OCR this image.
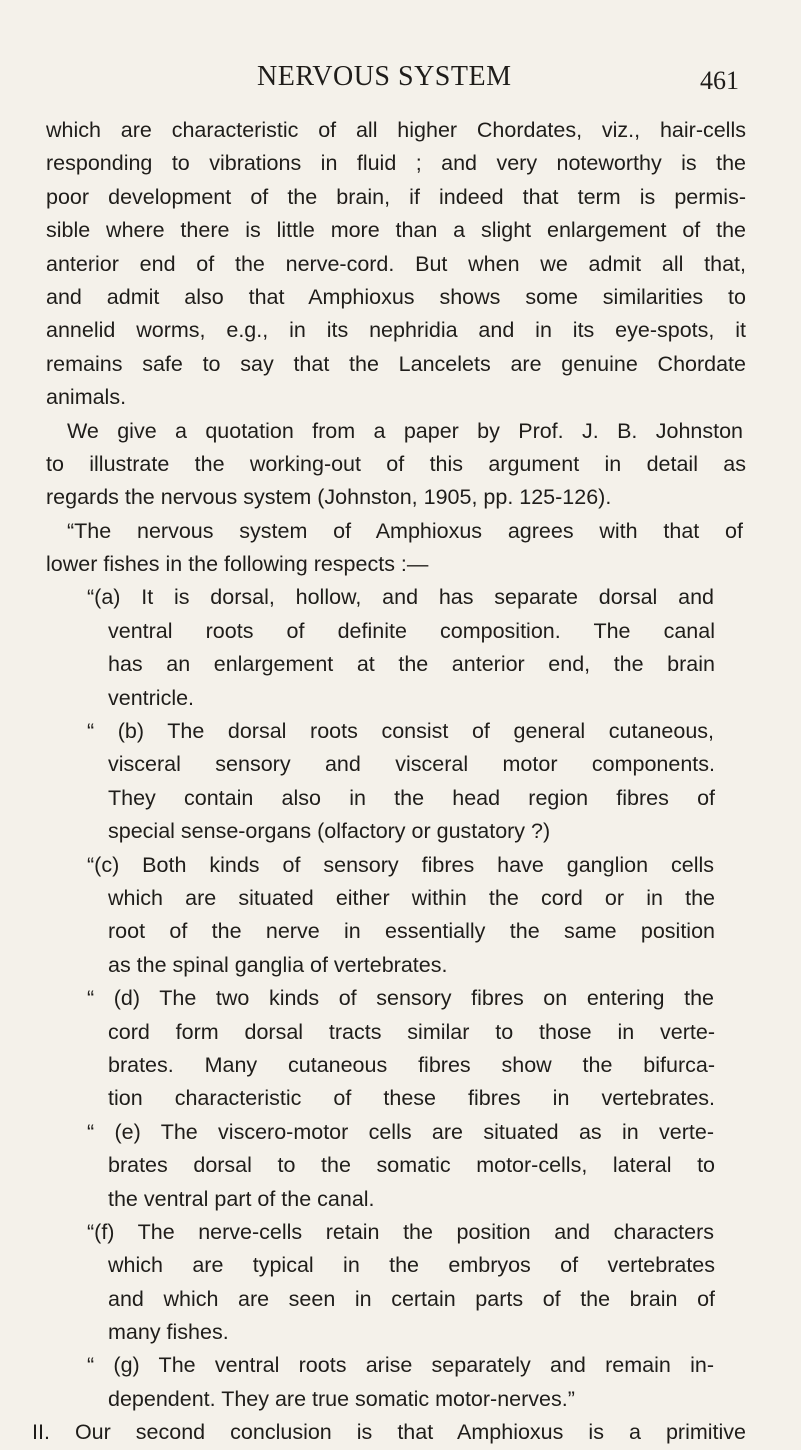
NERVOUS SYSTEM	461
which are characteristic of all higher Chordates, viz., hair-cells
responding to vibrations in fluid ; and very noteworthy is the
poor development of the brain, if indeed that term is permis-
sible where there is little more than a slight enlargement of the
anterior end of the nerve-cord. But when we admit all that,
and admit also that Amphioxus shows some similarities to
annelid worms, e.g., in its nephridia and in its eye-spots, it
remains safe to say that the Lancelets are genuine Chordate
animals.
We give a quotation from a paper by Prof. J. B. Johnston
to illustrate the working-out of this argument in detail as
regards the nervous system (Johnston, 1905, pp. 125-126).
“The nervous system of Amphioxus agrees with that of
lower fishes in the following respects :—
“(a) It is dorsal, hollow, and has separate dorsal and
ventral roots of definite composition. The canal
has an enlargement at the anterior end, the brain
ventricle.
“ (b) The dorsal roots consist of general cutaneous,
visceral sensory and visceral motor components.
They contain also in the head region fibres of
special sense-organs (olfactory or gustatory ?)
“(c) Both kinds of sensory fibres have ganglion cells
which are situated either within the cord or in the
root of the nerve in essentially the same position
as the spinal ganglia of vertebrates.
“ (d) The two kinds of sensory fibres on entering the
cord form dorsal tracts similar to those in verte-
brates. Many cutaneous fibres show the bifurca-
tion characteristic of these fibres in vertebrates.
“ (e) The viscero-motor cells are situated as in verte-
brates dorsal to the somatic motor-cells, lateral to
the ventral part of the canal.
“(f) The nerve-cells retain the position and characters
which are typical in the embryos of vertebrates
and which are seen in certain parts of the brain of
many fishes.
“ (g) The ventral roots arise separately and remain in-
dependent. They are true somatic motor-nerves.”
II. Our second conclusion is that Amphioxus is a primitive
